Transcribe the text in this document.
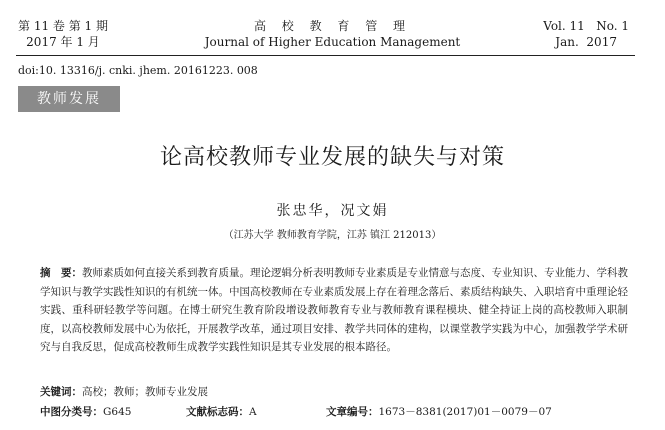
第 11 卷 第 1 期
2017 年 1 月
高 校 教 育 管 理
Journal of Higher Education Management
Vol. 11   No. 1
Jan.  2017
doi:10. 13316/j. cnki. jhem. 20161223. 008
教师发展
论高校教师专业发展的缺失与对策
张忠华，况文娟
（江苏大学 教师教育学院，江苏 镇江 212013）
摘　要：教师素质如何直接关系到教育质量。理论逻辑分析表明教师专业素质是专业情意与态度、专业知识、专业能力、学科教学知识与教学实践性知识的有机统一体。中国高校教师在专业素质发展上存在着理念落后、素质结构缺失、入职培育中重理论轻实践、重科研轻教学等问题。在博士研究生教育阶段增设教师教育专业与教师教育课程模块、健全持证上岗的高校教师入职制度，以高校教师发展中心为依托，开展教学改革，通过项目安排、教学共同体的建构，以课堂教学实践为中心，加强教学学术研究与自我反思，促成高校教师生成教学实践性知识是其专业发展的根本路径。
关键词：高校；教师；教师专业发展
中图分类号：G645	文献标志码：A	文章编号：1673－8381(2017)01－0079－07
